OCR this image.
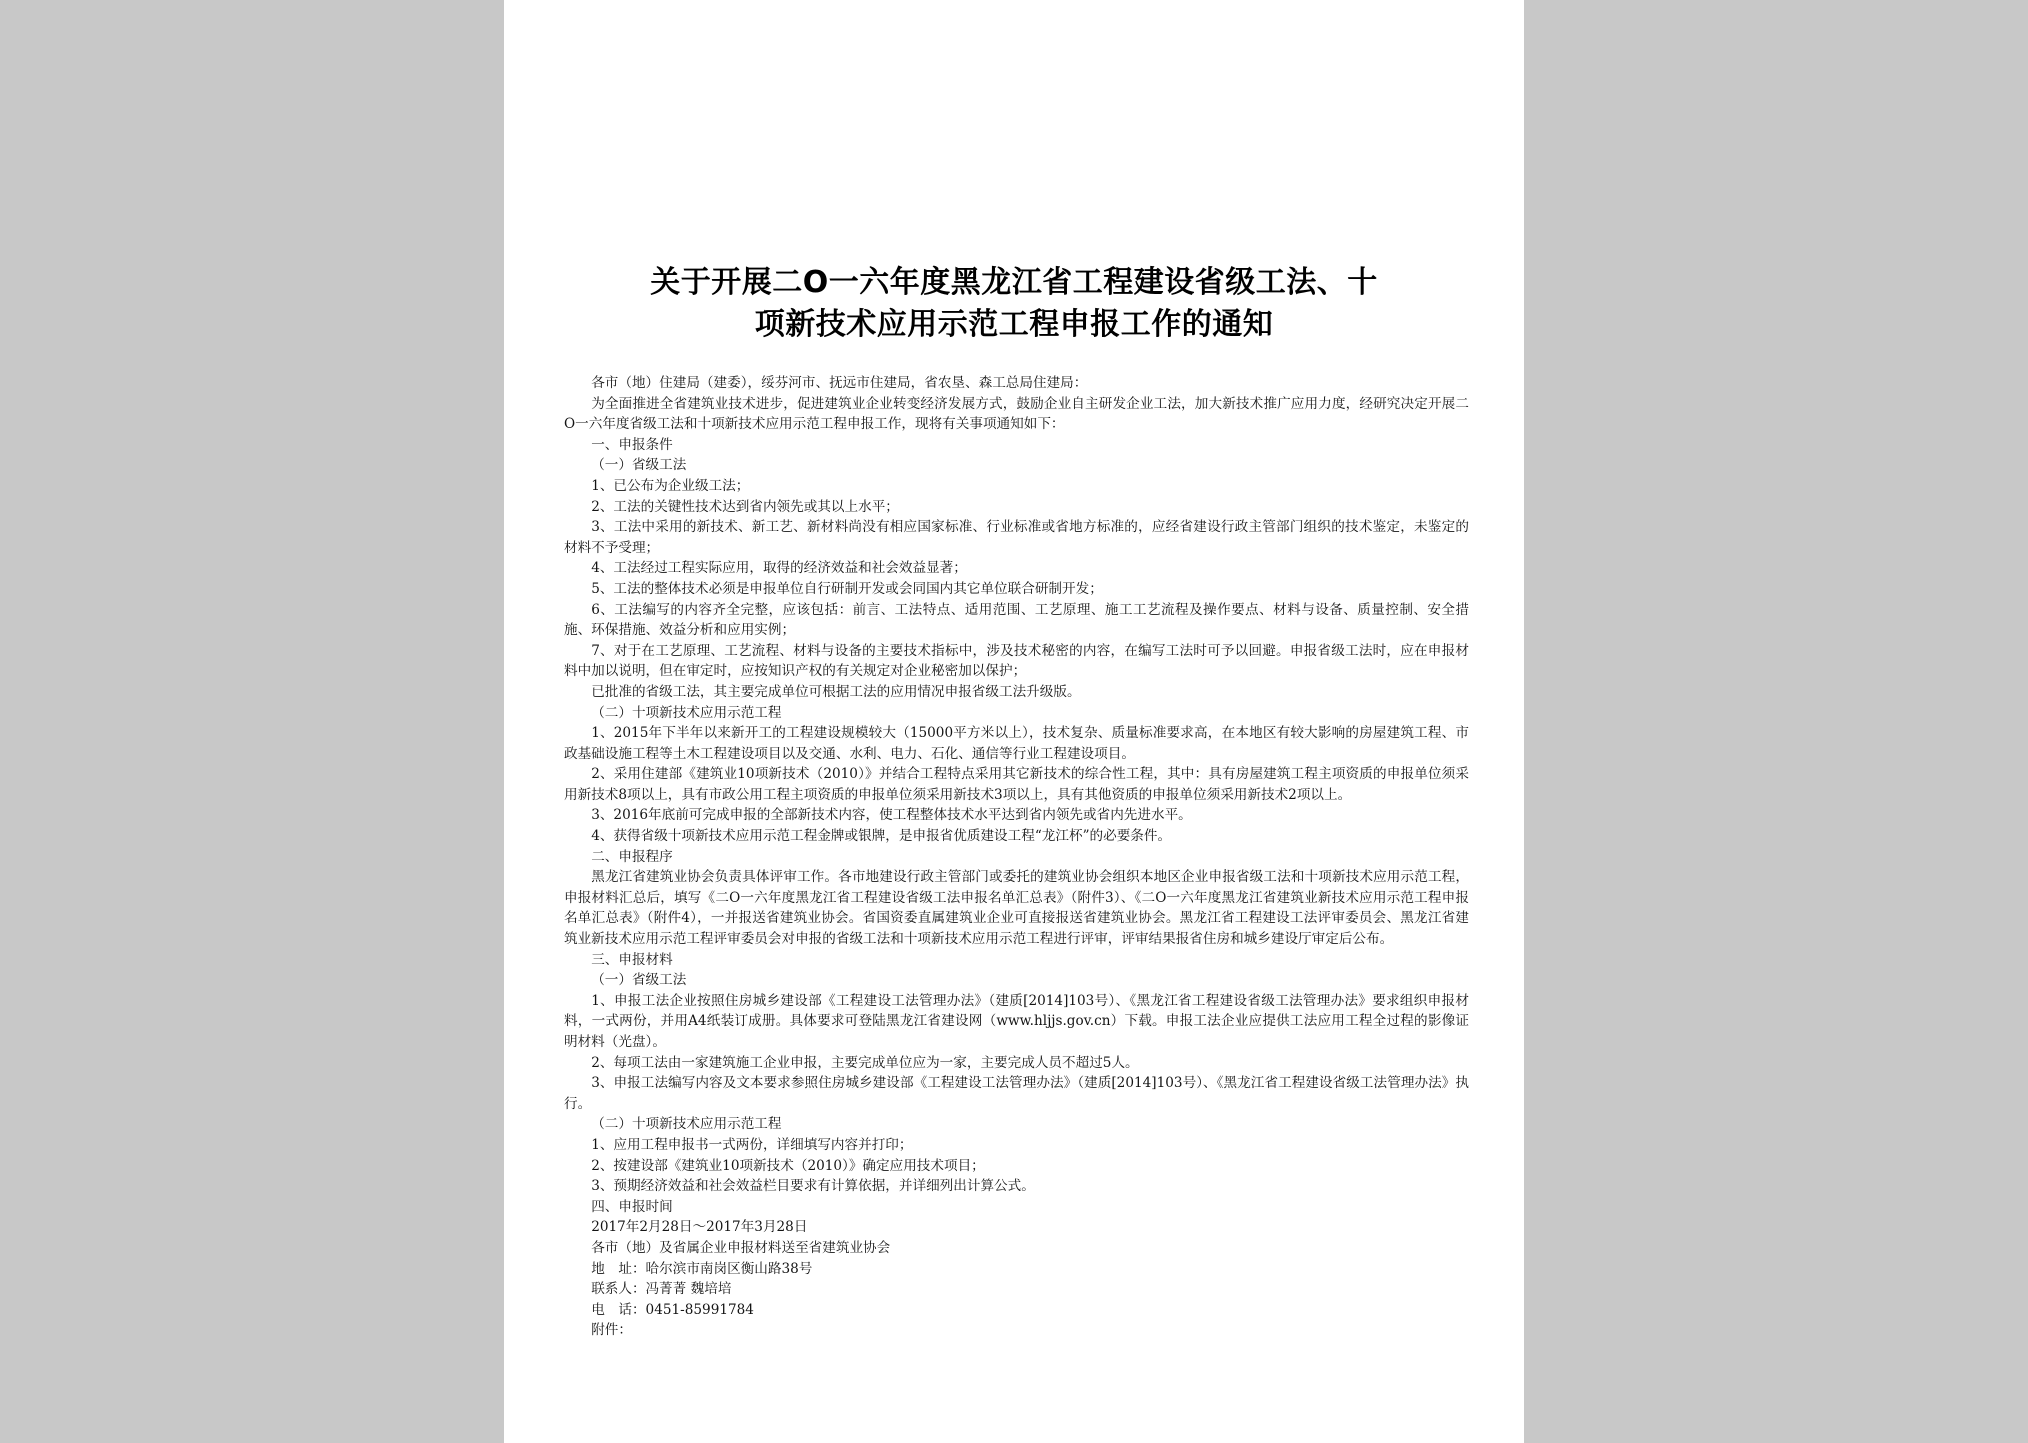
关于开展二O一六年度黑龙江省工程建设省级工法、十
项新技术应用示范工程申报工作的通知

各市（地）住建局（建委），绥芬河市、抚远市住建局，省农垦、森工总局住建局：

为全面推进全省建筑业技术进步，促进建筑业企业转变经济发展方式，鼓励企业自主研发企业工法，加大新技术推广应用力度，经研究决定开展二O一六年度省级工法和十项新技术应用示范工程申报工作，现将有关事项通知如下：

一、申报条件

（一）省级工法

1、已公布为企业级工法；

2、工法的关键性技术达到省内领先或其以上水平；

3、工法中采用的新技术、新工艺、新材料尚没有相应国家标准、行业标准或省地方标准的，应经省建设行政主管部门组织的技术鉴定，未鉴定的材料不予受理；

4、工法经过工程实际应用，取得的经济效益和社会效益显著；

5、工法的整体技术必须是申报单位自行研制开发或会同国内其它单位联合研制开发；

6、工法编写的内容齐全完整，应该包括：前言、工法特点、适用范围、工艺原理、施工工艺流程及操作要点、材料与设备、质量控制、安全措施、环保措施、效益分析和应用实例；

7、对于在工艺原理、工艺流程、材料与设备的主要技术指标中，涉及技术秘密的内容，在编写工法时可予以回避。申报省级工法时，应在申报材料中加以说明，但在审定时，应按知识产权的有关规定对企业秘密加以保护；

已批准的省级工法，其主要完成单位可根据工法的应用情况申报省级工法升级版。

（二）十项新技术应用示范工程

1、2015年下半年以来新开工的工程建设规模较大（15000平方米以上），技术复杂、质量标准要求高，在本地区有较大影响的房屋建筑工程、市政基础设施工程等土木工程建设项目以及交通、水利、电力、石化、通信等行业工程建设项目。

2、采用住建部《建筑业10项新技术（2010）》并结合工程特点采用其它新技术的综合性工程，其中：具有房屋建筑工程主项资质的申报单位须采用新技术8项以上，具有市政公用工程主项资质的申报单位须采用新技术3项以上，具有其他资质的申报单位须采用新技术2项以上。

3、2016年底前可完成申报的全部新技术内容，使工程整体技术水平达到省内领先或省内先进水平。

4、获得省级十项新技术应用示范工程金牌或银牌，是申报省优质建设工程“龙江杯”的必要条件。

二、申报程序

黑龙江省建筑业协会负责具体评审工作。各市地建设行政主管部门或委托的建筑业协会组织本地区企业申报省级工法和十项新技术应用示范工程，申报材料汇总后，填写《二O一六年度黑龙江省工程建设省级工法申报名单汇总表》（附件3）、《二O一六年度黑龙江省建筑业新技术应用示范工程申报名单汇总表》（附件4），一并报送省建筑业协会。省国资委直属建筑业企业可直接报送省建筑业协会。黑龙江省工程建设工法评审委员会、黑龙江省建筑业新技术应用示范工程评审委员会对申报的省级工法和十项新技术应用示范工程进行评审，评审结果报省住房和城乡建设厅审定后公布。

三、申报材料

（一）省级工法

1、申报工法企业按照住房城乡建设部《工程建设工法管理办法》（建质[2014]103号）、《黑龙江省工程建设省级工法管理办法》要求组织申报材料，一式两份，并用A4纸装订成册。具体要求可登陆黑龙江省建设网（www.hljjs.gov.cn）下载。申报工法企业应提供工法应用工程全过程的影像证明材料（光盘）。

2、每项工法由一家建筑施工企业申报，主要完成单位应为一家，主要完成人员不超过5人。

3、申报工法编写内容及文本要求参照住房城乡建设部《工程建设工法管理办法》（建质[2014]103号）、《黑龙江省工程建设省级工法管理办法》执行。

（二）十项新技术应用示范工程

1、应用工程申报书一式两份，详细填写内容并打印；

2、按建设部《建筑业10项新技术（2010）》确定应用技术项目；

3、预期经济效益和社会效益栏目要求有计算依据，并详细列出计算公式。

四、申报时间

2017年2月28日～2017年3月28日

各市（地）及省属企业申报材料送至省建筑业协会

地　址：哈尔滨市南岗区衡山路38号

联系人：冯菁菁 魏培培

电　话：0451-85991784

附件：
